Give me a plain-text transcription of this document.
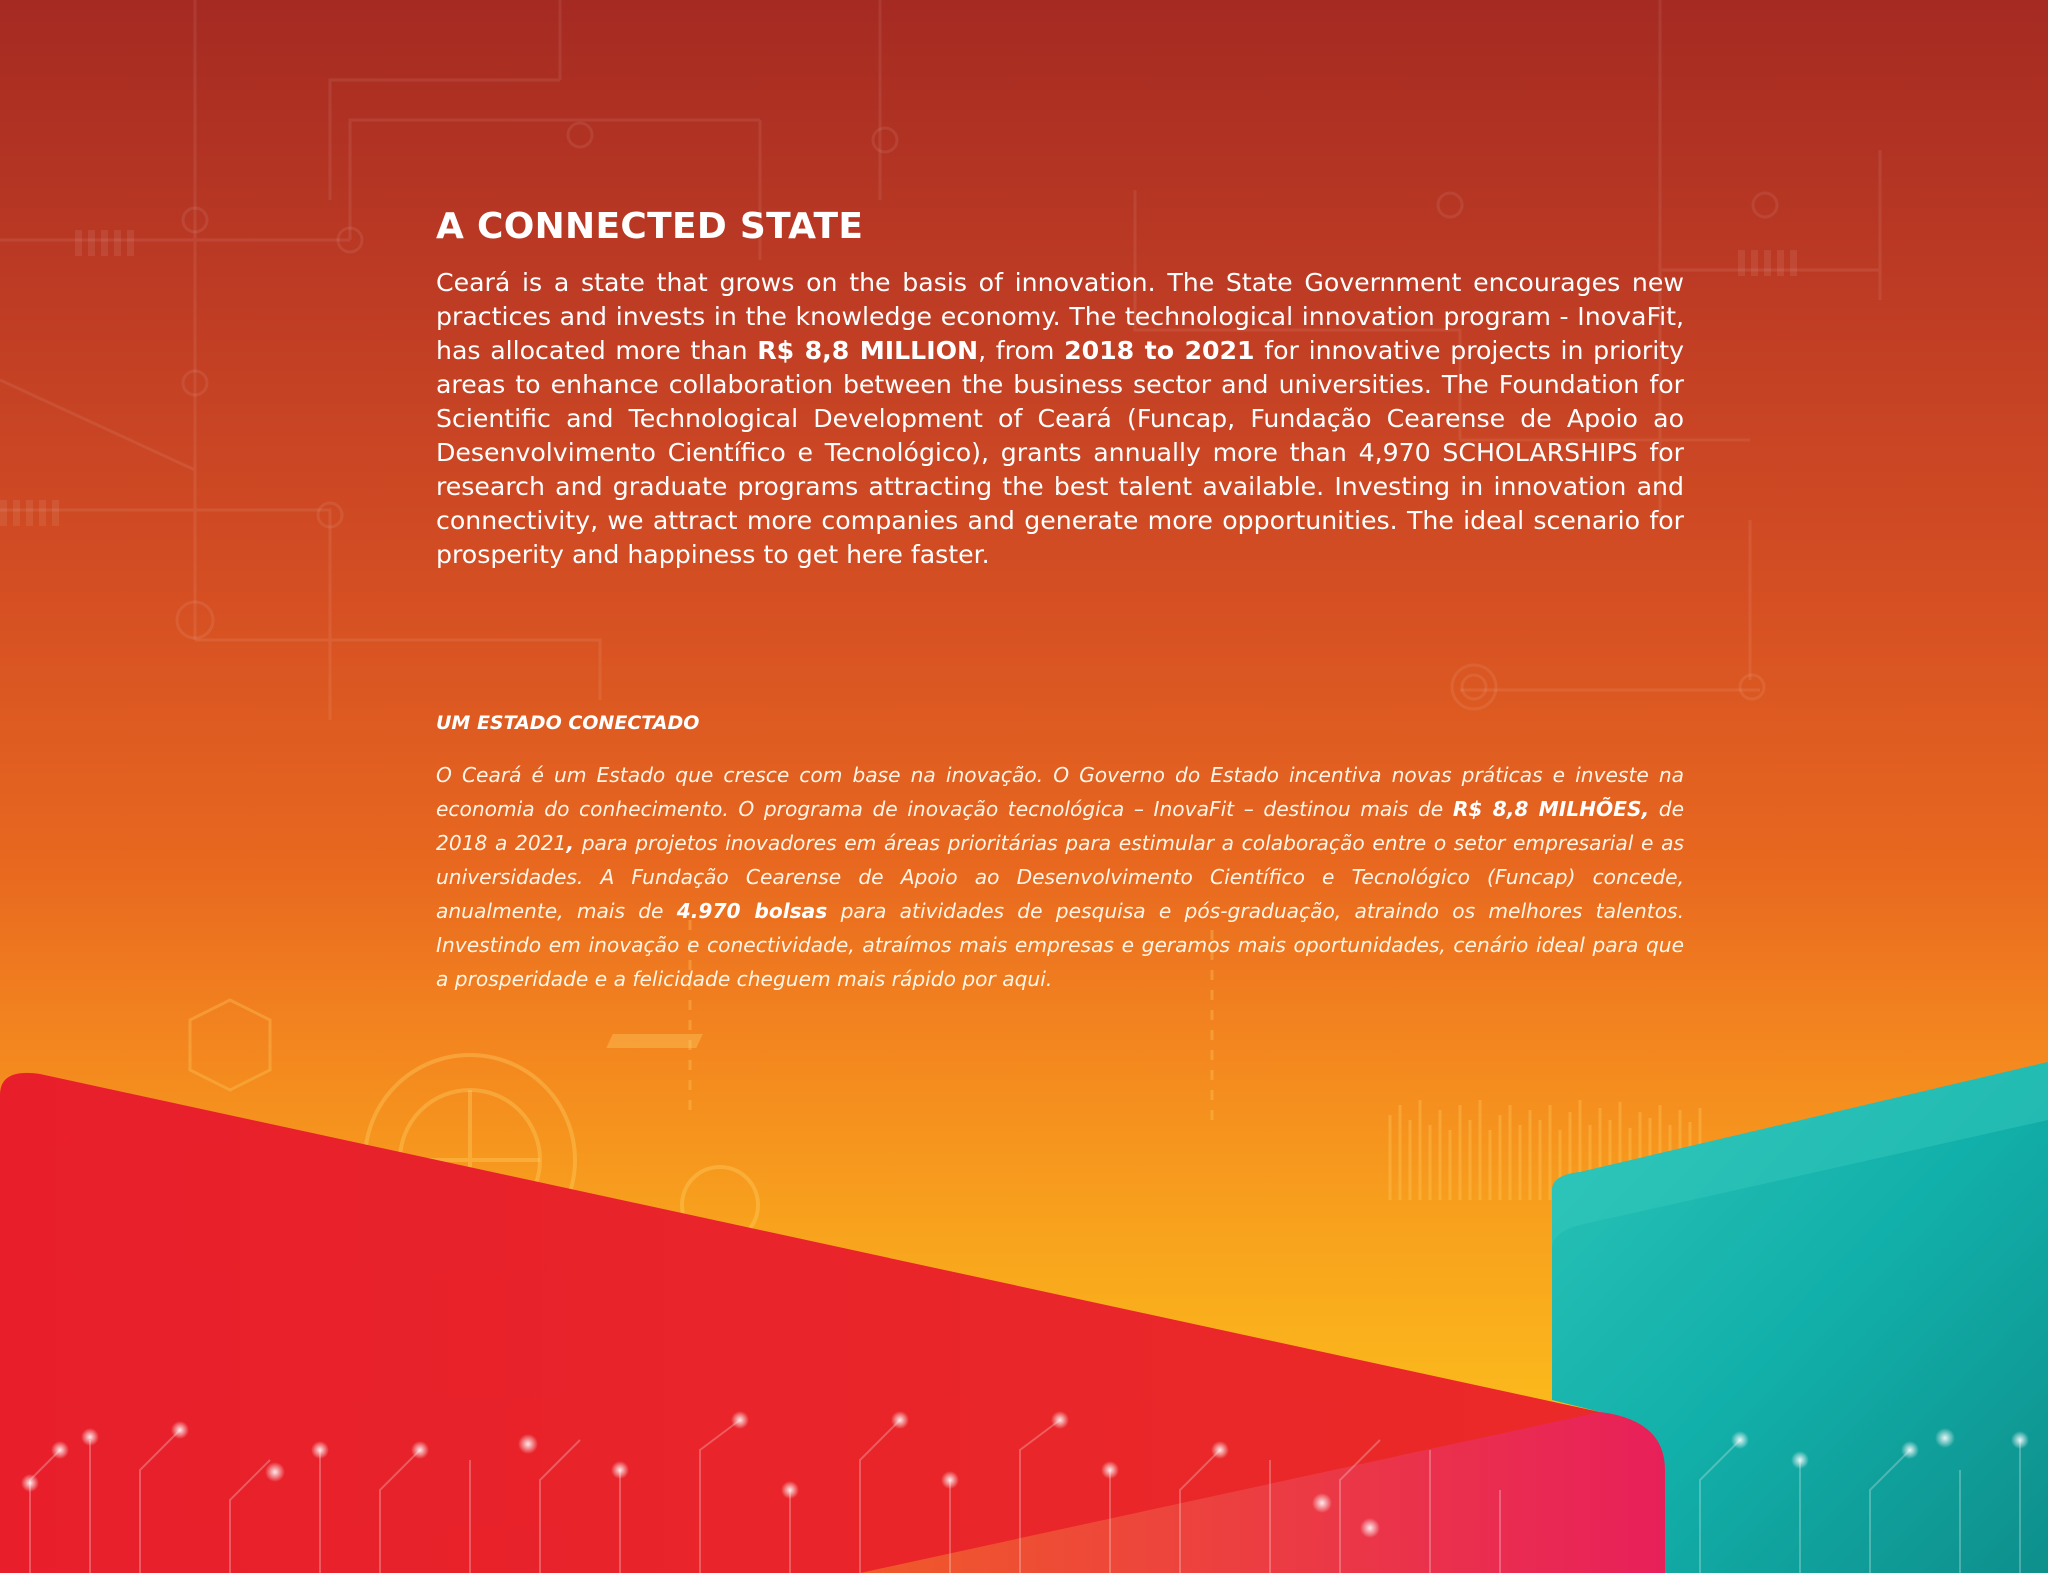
A CONNECTED STATE

Ceará is a state that grows on the basis of innovation. The State Government encourages new practices and invests in the knowledge economy. The technological innovation program - InovaFit, has allocated more than R$ 8,8 MILLION, from 2018 to 2021 for innovative projects in priority areas to enhance collaboration between the business sector and universities. The Foundation for Scientific and Technological Development of Ceará (Funcap, Fundação Cearense de Apoio ao Desenvolvimento Científico e Tecnológico), grants annually more than 4,970 SCHOLARSHIPS for research and graduate programs attracting the best talent available. Investing in innovation and connectivity, we attract more companies and generate more opportunities. The ideal scenario for prosperity and happiness to get here faster.

UM ESTADO CONECTADO

O Ceará é um Estado que cresce com base na inovação. O Governo do Estado incentiva novas práticas e investe na economia do conhecimento. O programa de inovação tecnológica – InovaFit – destinou mais de R$ 8,8 MILHÕES, de 2018 a 2021, para projetos inovadores em áreas prioritárias para estimular a colaboração entre o setor empresarial e as universidades. A Fundação Cearense de Apoio ao Desenvolvimento Científico e Tecnológico (Funcap) concede, anualmente, mais de 4.970 bolsas para atividades de pesquisa e pós-graduação, atraindo os melhores talentos. Investindo em inovação e conectividade, atraímos mais empresas e geramos mais oportunidades, cenário ideal para que a prosperidade e a felicidade cheguem mais rápido por aqui.
